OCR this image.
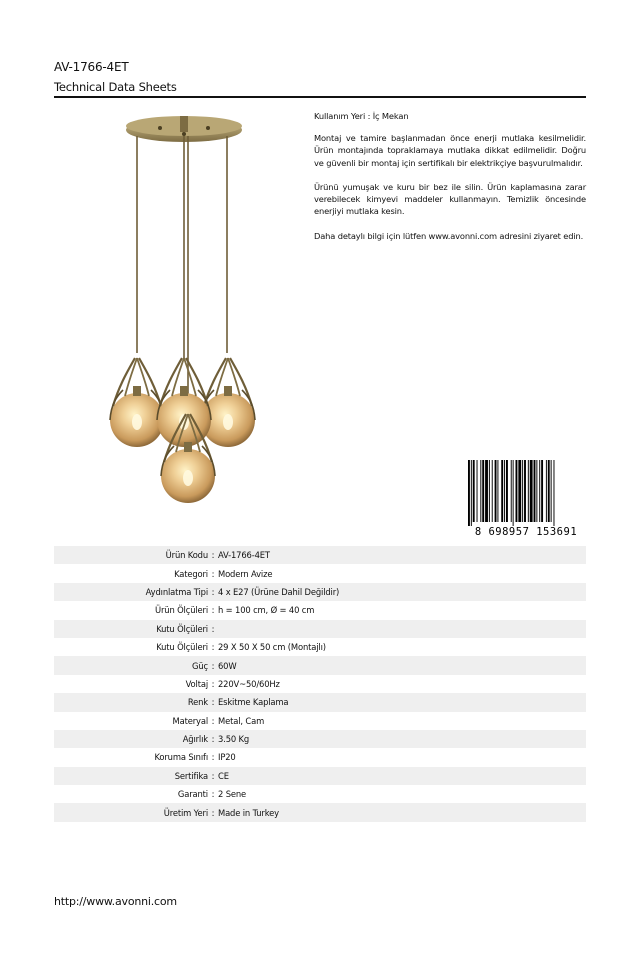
AV-1766-4ET
Technical Data Sheets

Kullanım Yeri : İç Mekan

Montaj ve tamire başlanmadan önce enerji mutlaka kesilmelidir. Ürün montajında topraklamaya mutlaka dikkat edilmelidir. Doğru ve güvenli bir montaj için sertifikalı bir elektrikçiye başvurulmalıdır.

Ürünü yumuşak ve kuru bir bez ile silin. Ürün kaplamasına zarar verebilecek kimyevi maddeler kullanmayın. Temizlik öncesinde enerjiyi mutlaka kesin.

Daha detaylı bilgi için lütfen www.avonni.com adresini ziyaret edin.

8 698957 153691
Ürün Kodu : AV-1766-4ET
Kategori : Modern Avize
Aydınlatma Tipi : 4 x E27 (Ürüne Dahil Değildir)
Ürün Ölçüleri : h = 100 cm, Ø = 40 cm
Kutu Ölçüleri :
Kutu Ölçüleri : 29 X 50 X 50 cm (Montajlı)
Güç : 60W
Voltaj : 220V~50/60Hz
Renk : Eskitme Kaplama
Materyal : Metal, Cam
Ağırlık : 3.50 Kg
Koruma Sınıfı : IP20
Sertifika : CE
Garanti : 2 Sene
Üretim Yeri : Made in Turkey
http://www.avonni.com
